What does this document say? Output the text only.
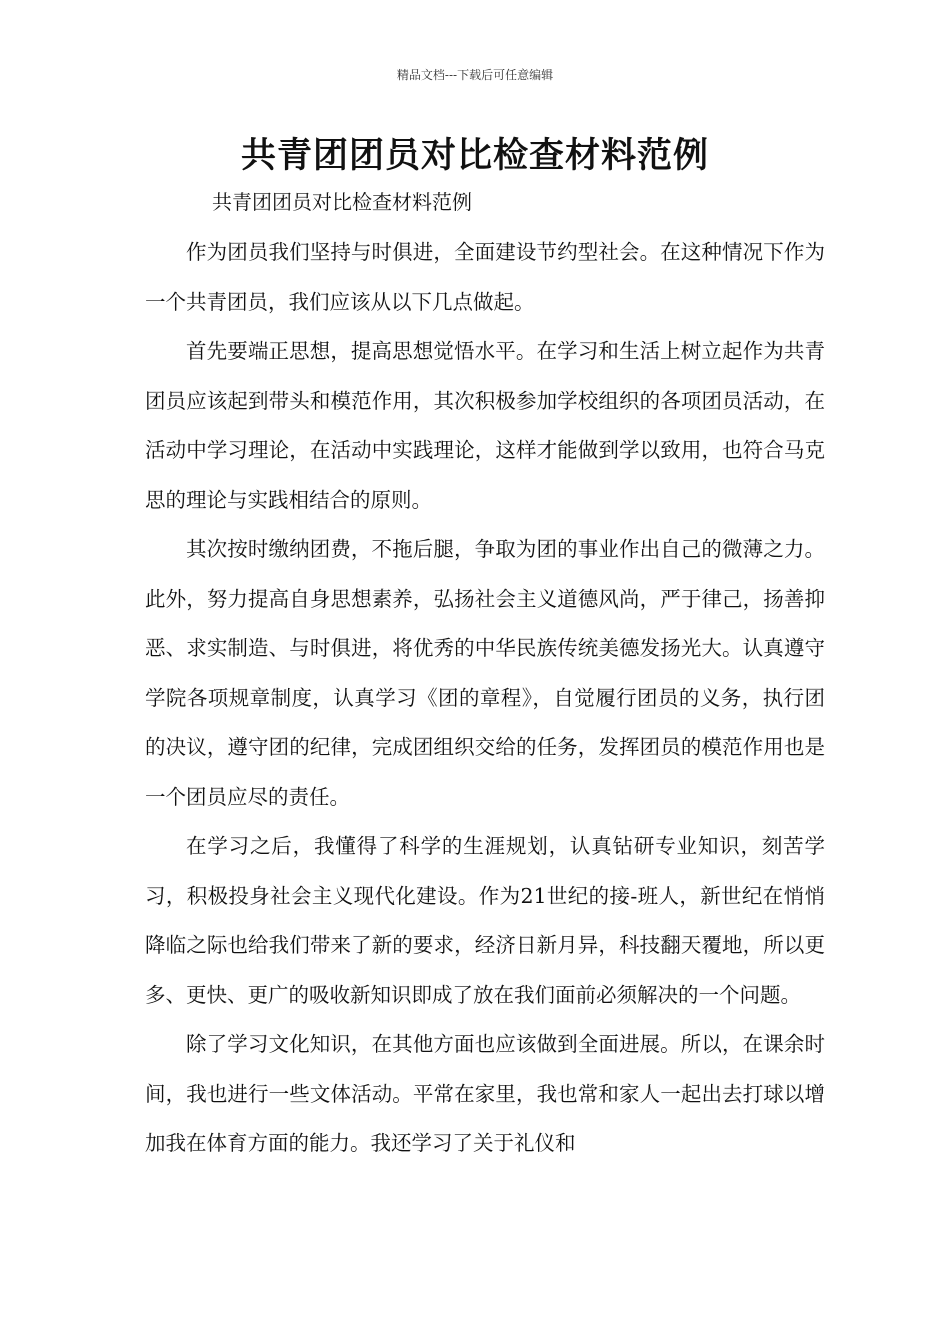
精品文档---下载后可任意编辑
共青团团员对比检查材料范例
共青团团员对比检查材料范例

作为团员我们坚持与时俱进，全面建设节约型社会。在这种情况下作为一个共青团员，我们应该从以下几点做起。

首先要端正思想，提高思想觉悟水平。在学习和生活上树立起作为共青团员应该起到带头和模范作用，其次积极参加学校组织的各项团员活动，在活动中学习理论，在活动中实践理论，这样才能做到学以致用，也符合马克思的理论与实践相结合的原则。

其次按时缴纳团费，不拖后腿，争取为团的事业作出自己的微薄之力。此外，努力提高自身思想素养，弘扬社会主义道德风尚，严于律己，扬善抑恶、求实制造、与时俱进，将优秀的中华民族传统美德发扬光大。认真遵守学院各项规章制度，认真学习《团的章程》，自觉履行团员的义务，执行团的决议，遵守团的纪律，完成团组织交给的任务，发挥团员的模范作用也是一个团员应尽的责任。

在学习之后，我懂得了科学的生涯规划，认真钻研专业知识，刻苦学习，积极投身社会主义现代化建设。作为21世纪的接-班人，新世纪在悄悄降临之际也给我们带来了新的要求，经济日新月异，科技翻天覆地，所以更多、更快、更广的吸收新知识即成了放在我们面前必须解决的一个问题。

除了学习文化知识，在其他方面也应该做到全面进展。所以，在课余时间，我也进行一些文体活动。平常在家里，我也常和家人一起出去打球以增加我在体育方面的能力。我还学习了关于礼仪和
